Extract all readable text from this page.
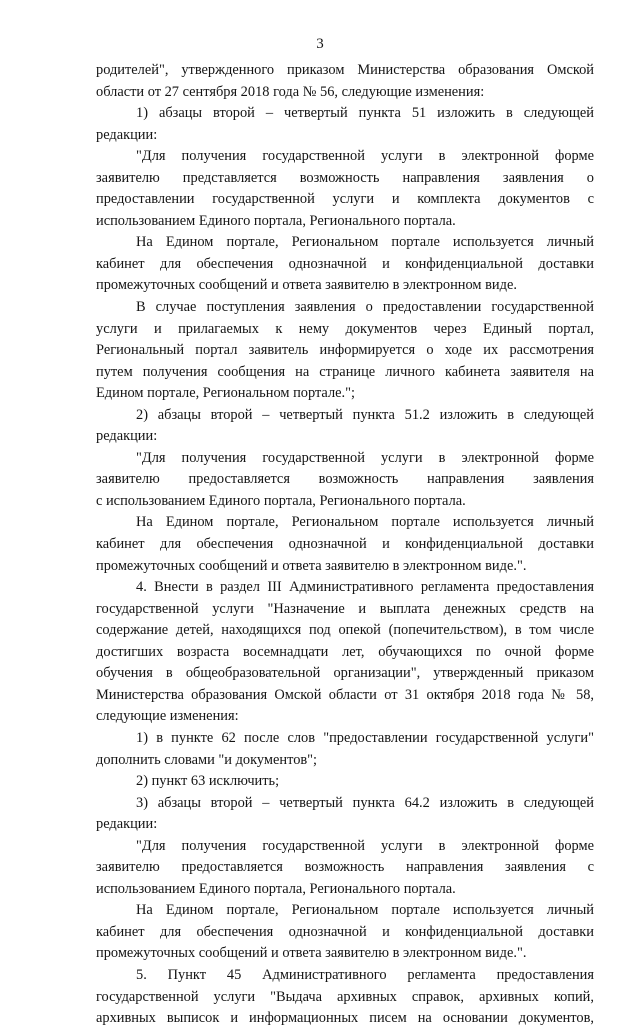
3
родителей", утвержденного приказом Министерства образования Омской
области от 27 сентября 2018 года № 56, следующие изменения:
1) абзацы второй – четвертый пункта 51 изложить в следующей
редакции:
"Для получения государственной услуги в электронной форме
заявителю представляется возможность направления заявления о
предоставлении государственной услуги и комплекта документов с
использованием Единого портала, Регионального портала.
На Едином портале, Региональном портале используется личный
кабинет для обеспечения однозначной и конфиденциальной доставки
промежуточных сообщений и ответа заявителю в электронном виде.
В случае поступления заявления о предоставлении государственной
услуги и прилагаемых к нему документов через Единый портал,
Региональный портал заявитель информируется о ходе их рассмотрения
путем получения сообщения на странице личного кабинета заявителя на
Едином портале, Региональном портале.";
2) абзацы второй – четвертый пункта 51.2 изложить в следующей
редакции:
"Для получения государственной услуги в электронной форме
заявителю предоставляется возможность направления заявления
с использованием Единого портала, Регионального портала.
На Едином портале, Региональном портале используется личный
кабинет для обеспечения однозначной и конфиденциальной доставки
промежуточных сообщений и ответа заявителю в электронном виде.".
4. Внести в раздел III Административного регламента предоставления
государственной услуги "Назначение и выплата денежных средств на
содержание детей, находящихся под опекой (попечительством), в том числе
достигших возраста восемнадцати лет, обучающихся по очной форме
обучения в общеобразовательной организации", утвержденный приказом
Министерства образования Омской области от 31 октября 2018 года № 58,
следующие изменения:
1) в пункте 62 после слов "предоставлении государственной услуги"
дополнить словами "и документов";
2) пункт 63 исключить;
3) абзацы второй – четвертый пункта 64.2 изложить в следующей
редакции:
"Для получения государственной услуги в электронной форме
заявителю предоставляется возможность направления заявления с
использованием Единого портала, Регионального портала.
На Едином портале, Региональном портале используется личный
кабинет для обеспечения однозначной и конфиденциальной доставки
промежуточных сообщений и ответа заявителю в электронном виде.".
5. Пункт 45 Административного регламента предоставления
государственной услуги "Выдача архивных справок, архивных копий,
архивных выписок и информационных писем на основании документов,
